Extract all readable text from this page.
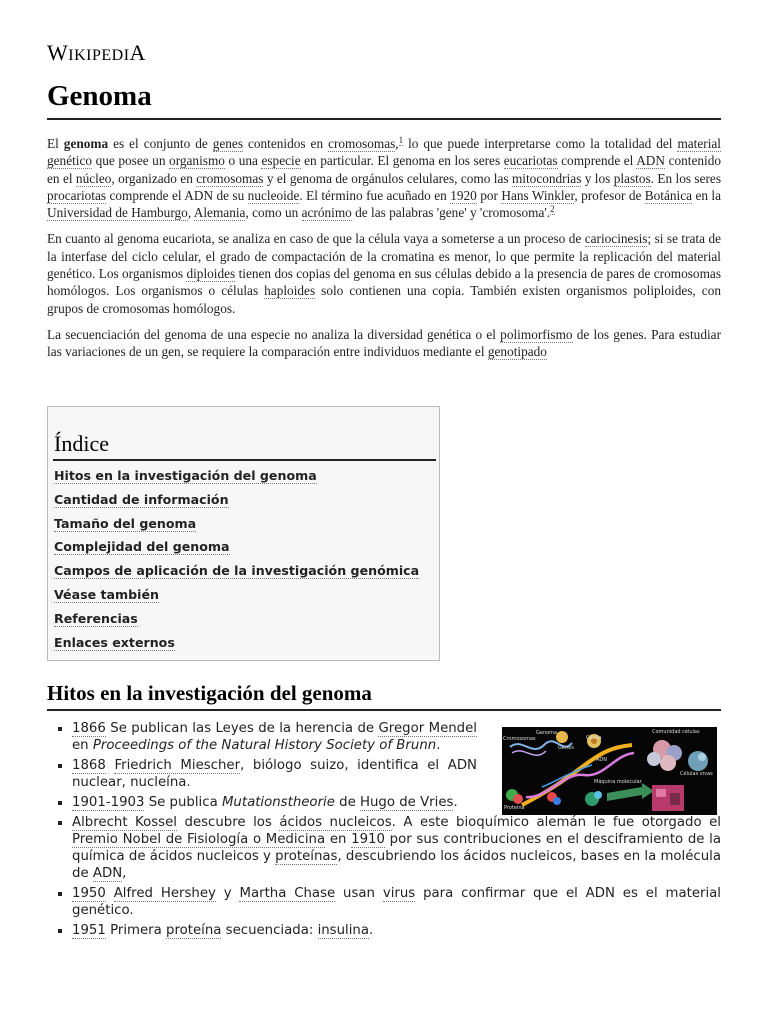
WIKIPEDIA
Genoma

El genoma es el conjunto de genes contenidos en cromosomas,$^1$ lo que puede interpretarse como la totalidad del material genético que posee un organismo o una especie en particular. El genoma en los seres eucariotas comprende el ADN contenido en el núcleo, organizado en cromosomas y el genoma de orgánulos celulares, como las mitocondrias y los plastos. En los seres procariotas comprende el ADN de su nucleoide. El término fue acuñado en 1920 por Hans Winkler, profesor de Botánica en la Universidad de Hamburgo, Alemania, como un acrónimo de las palabras 'gene' y 'cromosoma'.$^2$

En cuanto al genoma eucariota, se analiza en caso de que la célula vaya a someterse a un proceso de cariocinesis; si se trata de la interfase del ciclo celular, el grado de compactación de la cromatina es menor, lo que permite la replicación del material genético. Los organismos diploides tienen dos copias del genoma en sus células debido a la presencia de pares de cromosomas homólogos. Los organismos o células haploides solo contienen una copia. También existen organismos poliploides, con grupos de cromosomas homólogos.

La secuenciación del genoma de una especie no analiza la diversidad genética o el polimorfismo de los genes. Para estudiar las variaciones de un gen, se requiere la comparación entre individuos mediante el genotipado

Índice
Hitos en la investigación del genoma
Cantidad de información
Tamaño del genoma
Complejidad del genoma
Campos de aplicación de la investigación genómica
Véase también
Referencias
Enlaces externos
Hitos en la investigación del genoma
Genoma
Cromosomas
Genes
Célula
ADN
Comunidad células
Células vivas
Máquina molecular
Proteína
1866 Se publican las Leyes de la herencia de Gregor Mendel en Proceedings of the Natural History Society of Brunn.
1868 Friedrich Miescher, biólogo suizo, identifica el ADN nuclear, nucleína.
1901-1903 Se publica Mutationstheorie de Hugo de Vries.
Albrecht Kossel descubre los ácidos nucleicos. A este bioquímico alemán le fue otorgado el Premio Nobel de Fisiología o Medicina en 1910 por sus contribuciones en el desciframiento de la química de ácidos nucleicos y proteínas, descubriendo los ácidos nucleicos, bases en la molécula de ADN,
1950 Alfred Hershey y Martha Chase usan virus para confirmar que el ADN es el material genético.
1951 Primera proteína secuenciada: insulina.
